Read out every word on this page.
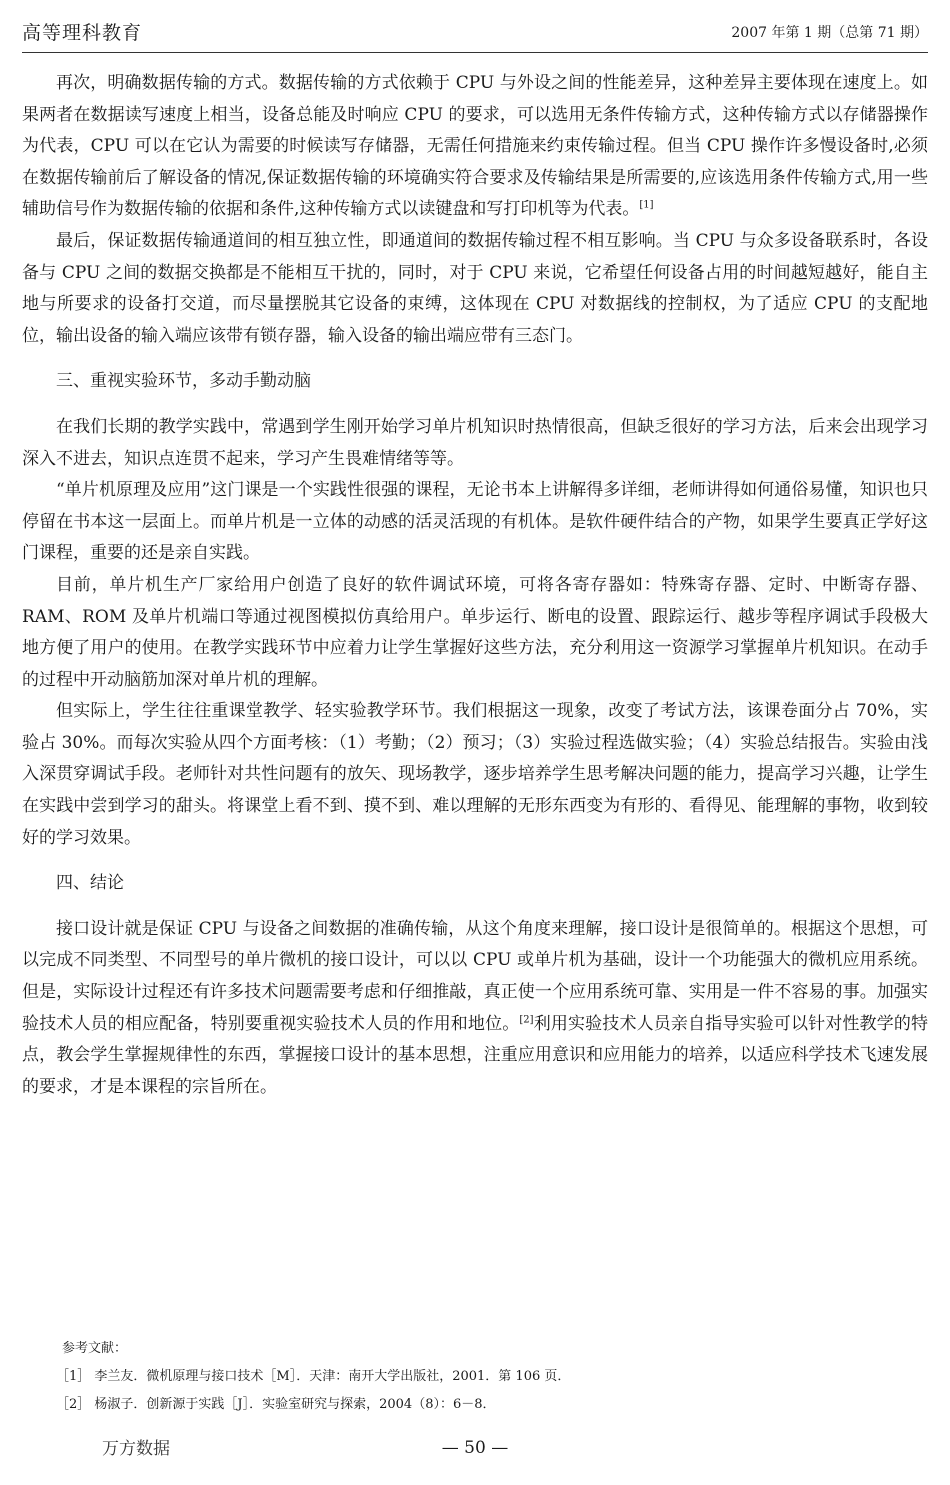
高等理科教育	2007 年第 1 期（总第 71 期）

再次，明确数据传输的方式。数据传输的方式依赖于 CPU 与外设之间的性能差异，这种差异主要体现在速度上。如果两者在数据读写速度上相当，设备总能及时响应 CPU 的要求，可以选用无条件传输方式，这种传输方式以存储器操作为代表，CPU 可以在它认为需要的时候读写存储器，无需任何措施来约束传输过程。但当 CPU 操作许多慢设备时,必须在数据传输前后了解设备的情况,保证数据传输的环境确实符合要求及传输结果是所需要的,应该选用条件传输方式,用一些辅助信号作为数据传输的依据和条件,这种传输方式以读键盘和写打印机等为代表。[1]

最后，保证数据传输通道间的相互独立性，即通道间的数据传输过程不相互影响。当 CPU 与众多设备联系时，各设备与 CPU 之间的数据交换都是不能相互干扰的，同时，对于 CPU 来说，它希望任何设备占用的时间越短越好，能自主地与所要求的设备打交道，而尽量摆脱其它设备的束缚，这体现在 CPU 对数据线的控制权，为了适应 CPU 的支配地位，输出设备的输入端应该带有锁存器，输入设备的输出端应带有三态门。

三、重视实验环节，多动手勤动脑

在我们长期的教学实践中，常遇到学生刚开始学习单片机知识时热情很高，但缺乏很好的学习方法，后来会出现学习深入不进去，知识点连贯不起来，学习产生畏难情绪等等。

“单片机原理及应用”这门课是一个实践性很强的课程，无论书本上讲解得多详细，老师讲得如何通俗易懂，知识也只停留在书本这一层面上。而单片机是一立体的动感的活灵活现的有机体。是软件硬件结合的产物，如果学生要真正学好这门课程，重要的还是亲自实践。

目前，单片机生产厂家给用户创造了良好的软件调试环境，可将各寄存器如：特殊寄存器、定时、中断寄存器、RAM、ROM 及单片机端口等通过视图模拟仿真给用户。单步运行、断电的设置、跟踪运行、越步等程序调试手段极大地方便了用户的使用。在教学实践环节中应着力让学生掌握好这些方法，充分利用这一资源学习掌握单片机知识。在动手的过程中开动脑筋加深对单片机的理解。

但实际上，学生往往重课堂教学、轻实验教学环节。我们根据这一现象，改变了考试方法，该课卷面分占 70%，实验占 30%。而每次实验从四个方面考核：（1）考勤；（2）预习；（3）实验过程选做实验；（4）实验总结报告。实验由浅入深贯穿调试手段。老师针对共性问题有的放矢、现场教学，逐步培养学生思考解决问题的能力，提高学习兴趣，让学生在实践中尝到学习的甜头。将课堂上看不到、摸不到、难以理解的无形东西变为有形的、看得见、能理解的事物，收到较好的学习效果。

四、结论

接口设计就是保证 CPU 与设备之间数据的准确传输，从这个角度来理解，接口设计是很简单的。根据这个思想，可以完成不同类型、不同型号的单片微机的接口设计，可以以 CPU 或单片机为基础，设计一个功能强大的微机应用系统。但是，实际设计过程还有许多技术问题需要考虑和仔细推敲，真正使一个应用系统可靠、实用是一件不容易的事。加强实验技术人员的相应配备，特别要重视实验技术人员的作用和地位。[2]利用实验技术人员亲自指导实验可以针对性教学的特点，教会学生掌握规律性的东西，掌握接口设计的基本思想，注重应用意识和应用能力的培养，以适应科学技术飞速发展的要求，才是本课程的宗旨所在。

参考文献：
［1］ 李兰友．微机原理与接口技术［M］．天津：南开大学出版社，2001．第 106 页．
［2］ 杨淑子．创新源于实践［J］．实验室研究与探索，2004（8）：6－8．
万方数据	— 50 —
